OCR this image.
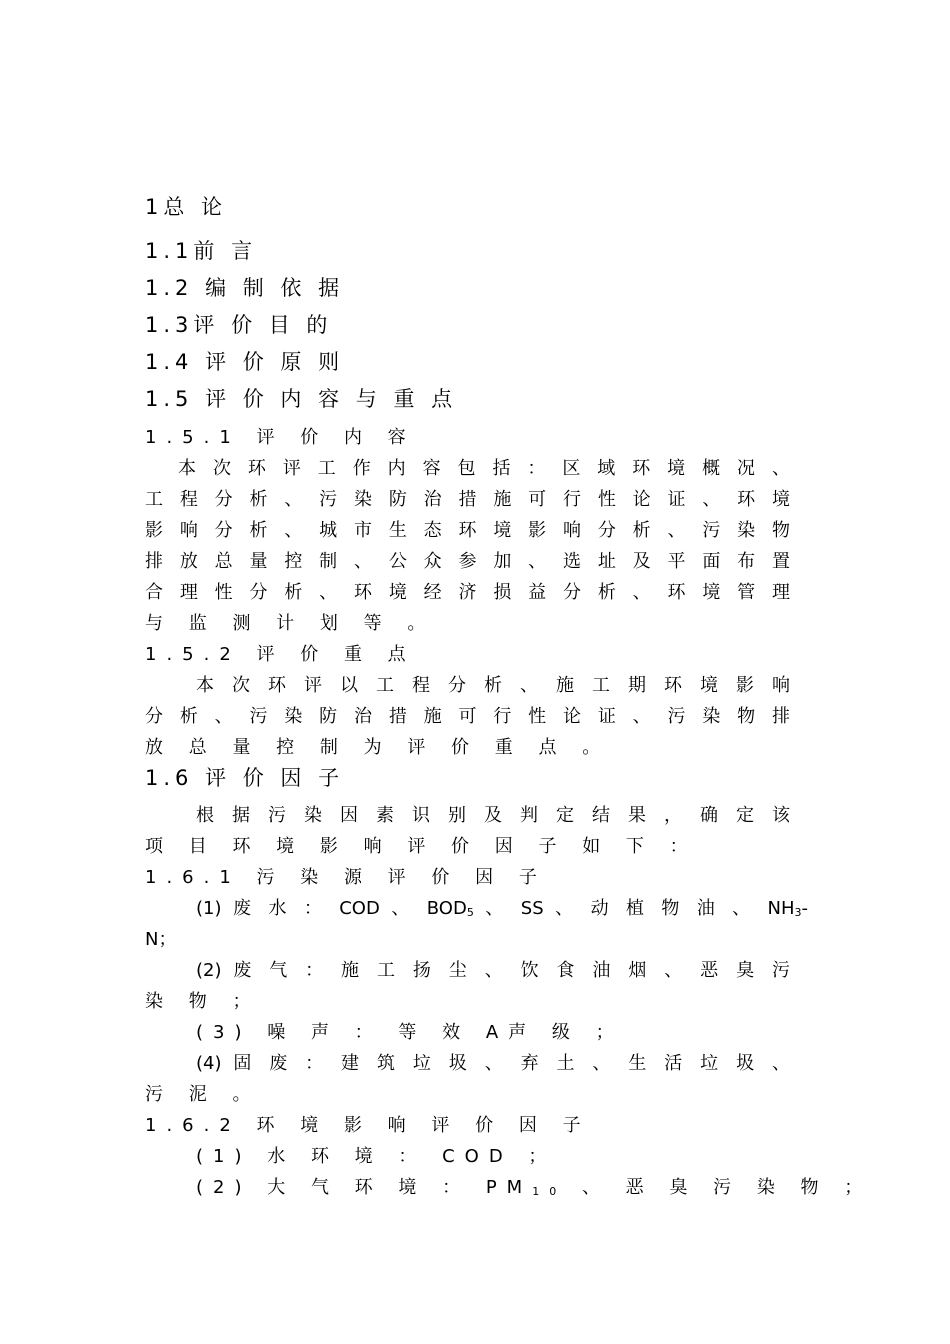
1总 论
1.1前 言
1.2 编 制 依 据
1.3评 价 目 的
1.4 评 价 原 则
1.5 评 价 内 容 与 重 点
1.5.1 评 价 内 容
本 次 环 评 工 作 内 容 包 括 ： 区 域 环 境 概 况 、
工 程 分 析 、 污 染 防 治 措 施 可 行 性 论 证 、 环 境
影 响 分 析 、 城 市 生 态 环 境 影 响 分 析 、 污 染 物
排 放 总 量 控 制 、 公 众 参 加 、 选 址 及 平 面 布 置
合 理 性 分 析 、 环 境 经 济 损 益 分 析 、 环 境 管 理
与 监 测 计 划 等 。
1.5.2 评 价 重 点
本 次 环 评 以 工 程 分 析 、 施 工 期 环 境 影 响
分 析 、 污 染 防 治 措 施 可 行 性 论 证 、 污 染 物 排
放 总 量 控 制 为 评 价 重 点 。
1.6 评 价 因 子
根 据 污 染 因 素 识 别 及 判 定 结 果 ， 确 定 该
项 目 环 境 影 响 评 价 因 子 如 下 ：
1.6.1 污 染 源 评 价 因 子
(1) 废 水 ： COD 、 $BOD_5$ 、 SS 、 动 植 物 油 、 $NH_3-$
N；
(2) 废 气 ： 施 工 扬 尘 、 饮 食 油 烟 、 恶 臭 污
染 物 ；
(3) 噪 声 ： 等 效 A声 级 ；
(4) 固 废 ： 建 筑 垃 圾 、 弃 土 、 生 活 垃 圾 、
污 泥 。
1.6.2 环 境 影 响 评 价 因 子
(1) 水 环 境 ： COD ；
(2) 大 气 环 境 ： $PM_{10}$ 、 恶 臭 污 染 物 ；
